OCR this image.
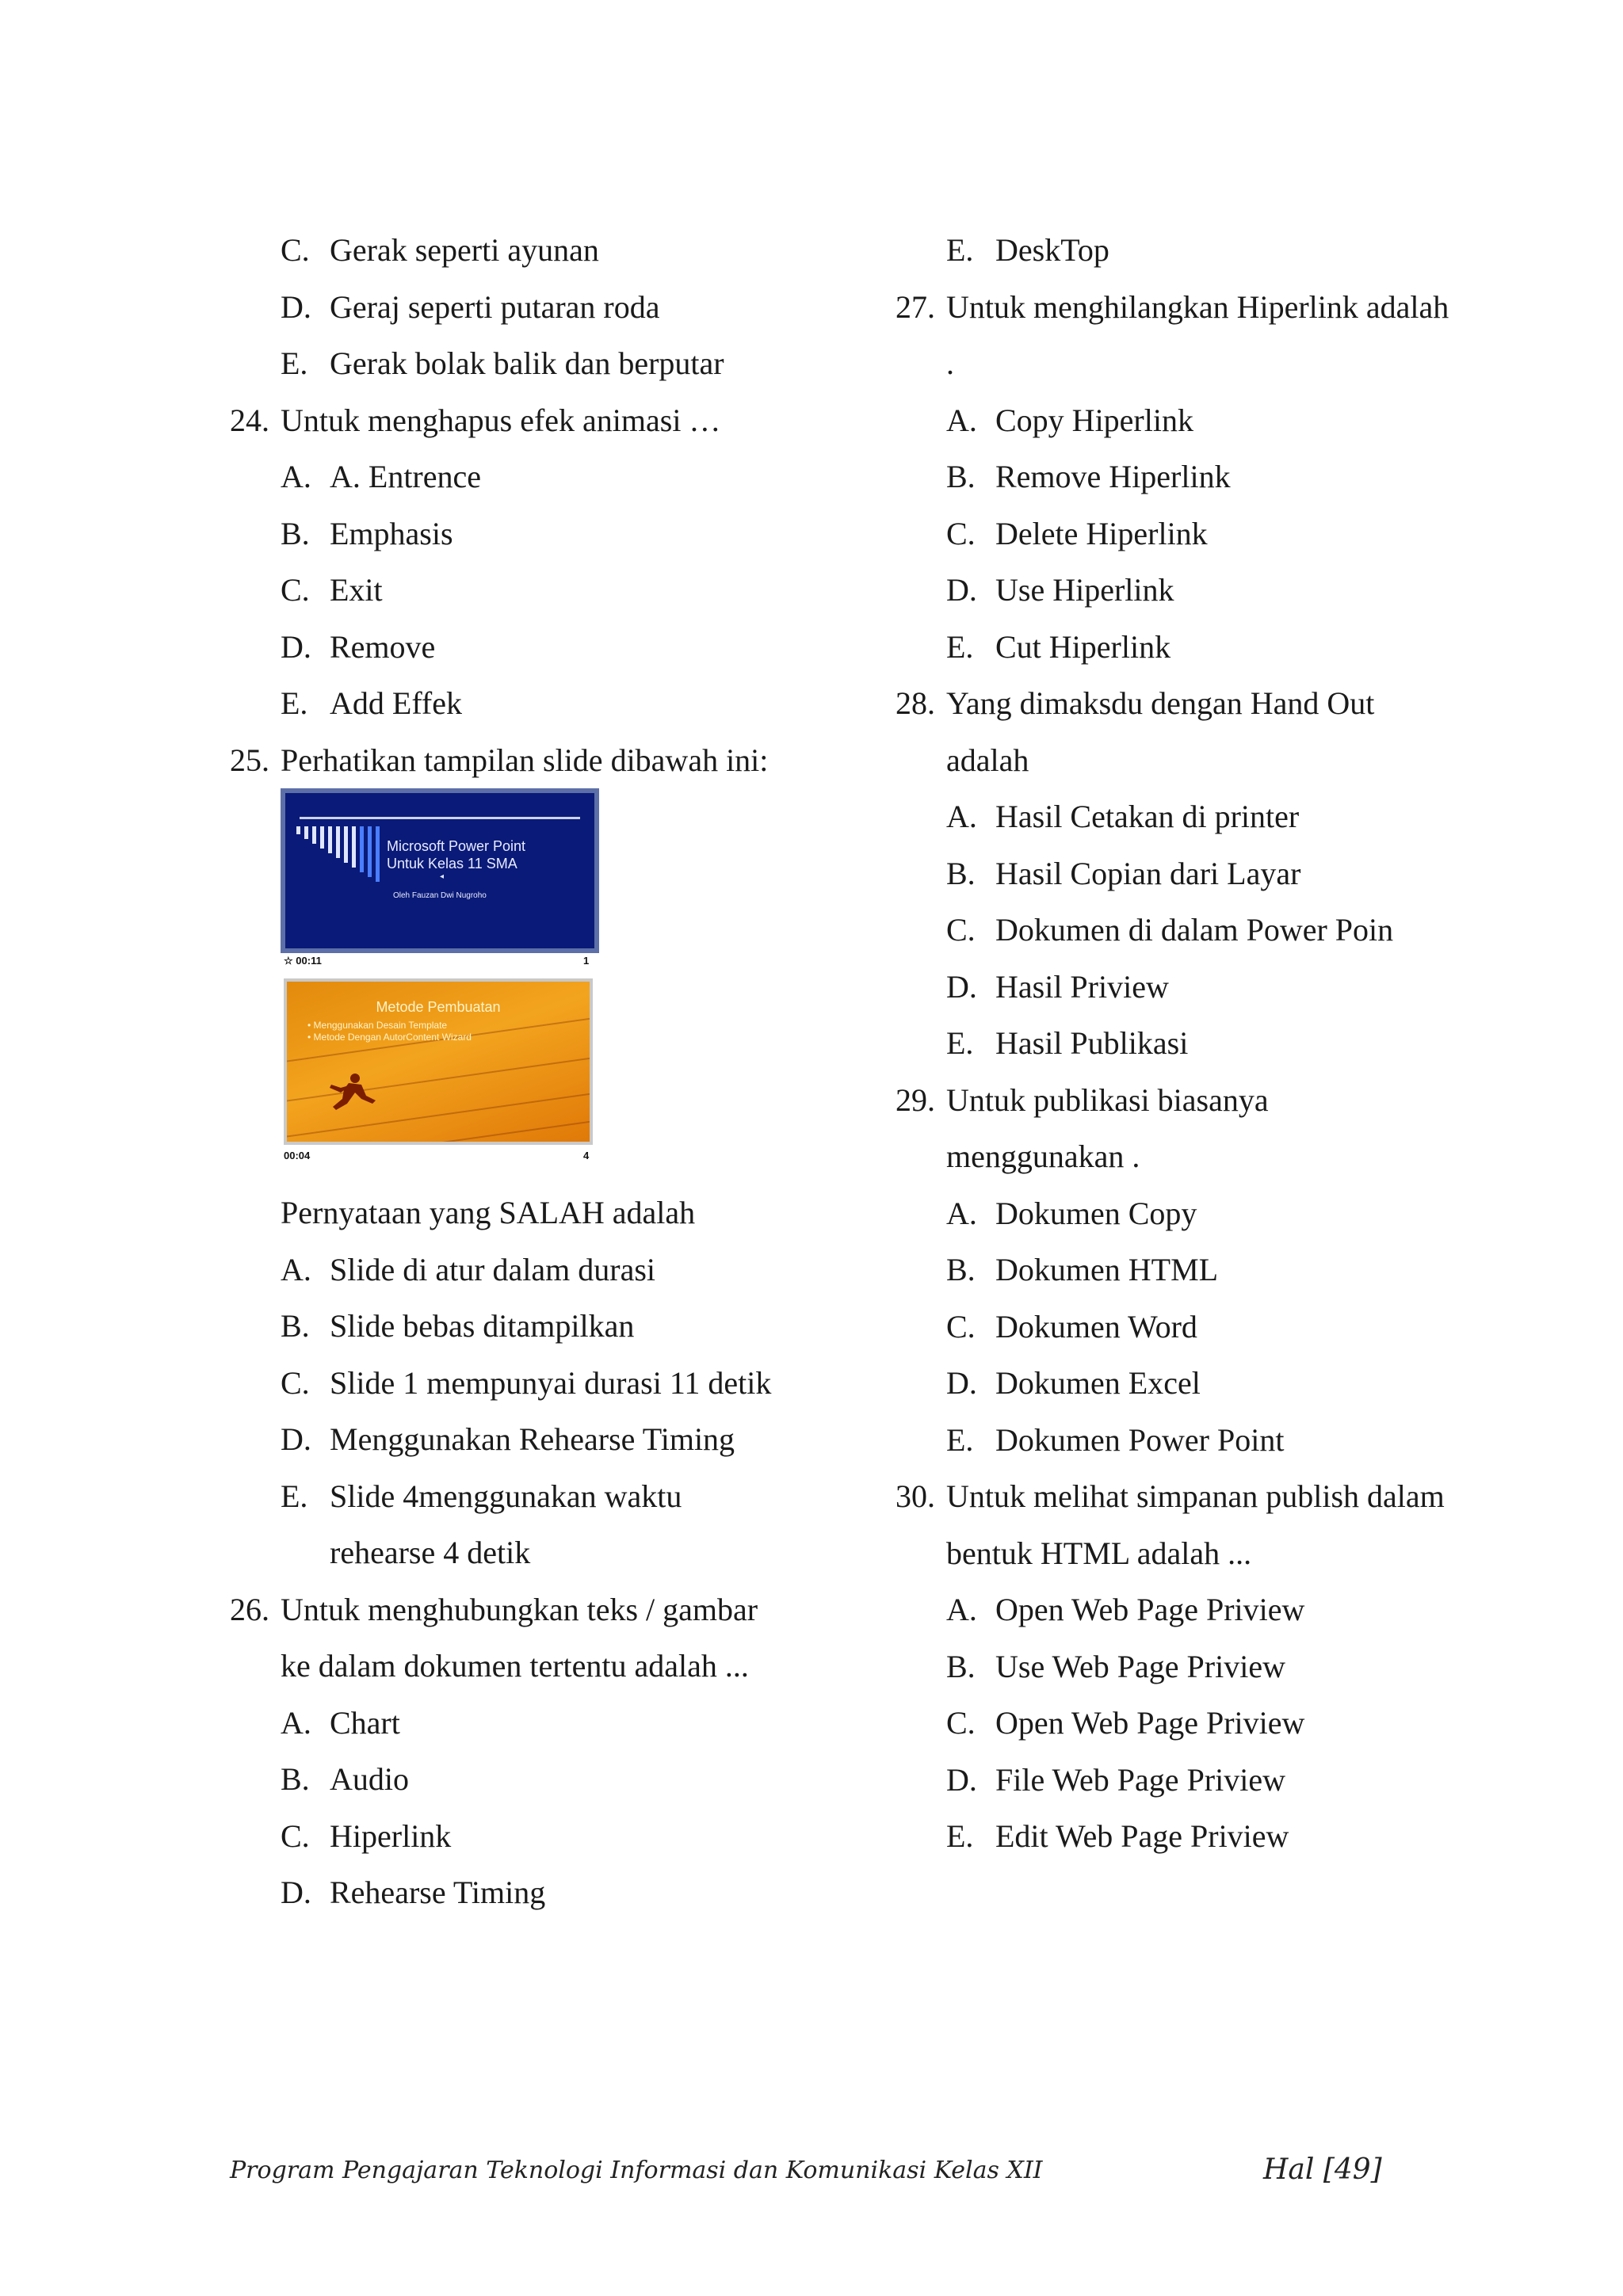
C. Gerak seperti ayunan
D. Geraj seperti putaran roda
E. Gerak bolak balik dan berputar
24. Untuk menghapus efek animasi …
A. A. Entrence
B. Emphasis
C. Exit
D. Remove
E. Add Effek
25. Perhatikan tampilan slide dibawah ini:
Microsoft Power Point
Untuk Kelas 11 SMA
◂
Oleh Fauzan Dwi Nugroho
☆ 00:11	1
Metode Pembuatan
• Menggunakan Desain Template
• Metode Dengan AutorContent Wizard
00:04	4
Pernyataan yang SALAH adalah
A. Slide di atur dalam durasi
B. Slide bebas ditampilkan
C. Slide 1 mempunyai durasi 11 detik
D. Menggunakan Rehearse Timing
E. Slide 4menggunakan waktu
rehearse 4 detik
26. Untuk menghubungkan teks / gambar
ke dalam dokumen tertentu adalah ...
A. Chart
B. Audio
C. Hiperlink
D. Rehearse Timing
E. DeskTop
27. Untuk menghilangkan Hiperlink adalah
.
A. Copy Hiperlink
B. Remove Hiperlink
C. Delete Hiperlink
D. Use Hiperlink
E. Cut Hiperlink
28. Yang dimaksdu dengan Hand Out
adalah
A. Hasil Cetakan di printer
B. Hasil Copian dari Layar
C. Dokumen di dalam Power Poin
D. Hasil Priview
E. Hasil Publikasi
29. Untuk publikasi biasanya
menggunakan .
A. Dokumen Copy
B. Dokumen HTML
C. Dokumen Word
D. Dokumen Excel
E. Dokumen Power Point
30. Untuk melihat simpanan publish dalam
bentuk HTML adalah ...
A. Open Web Page Priview
B. Use Web Page Priview
C. Open Web Page Priview
D. File Web Page Priview
E. Edit Web Page Priview
Program Pengajaran Teknologi Informasi dan Komunikasi Kelas XII	Hal [49]
